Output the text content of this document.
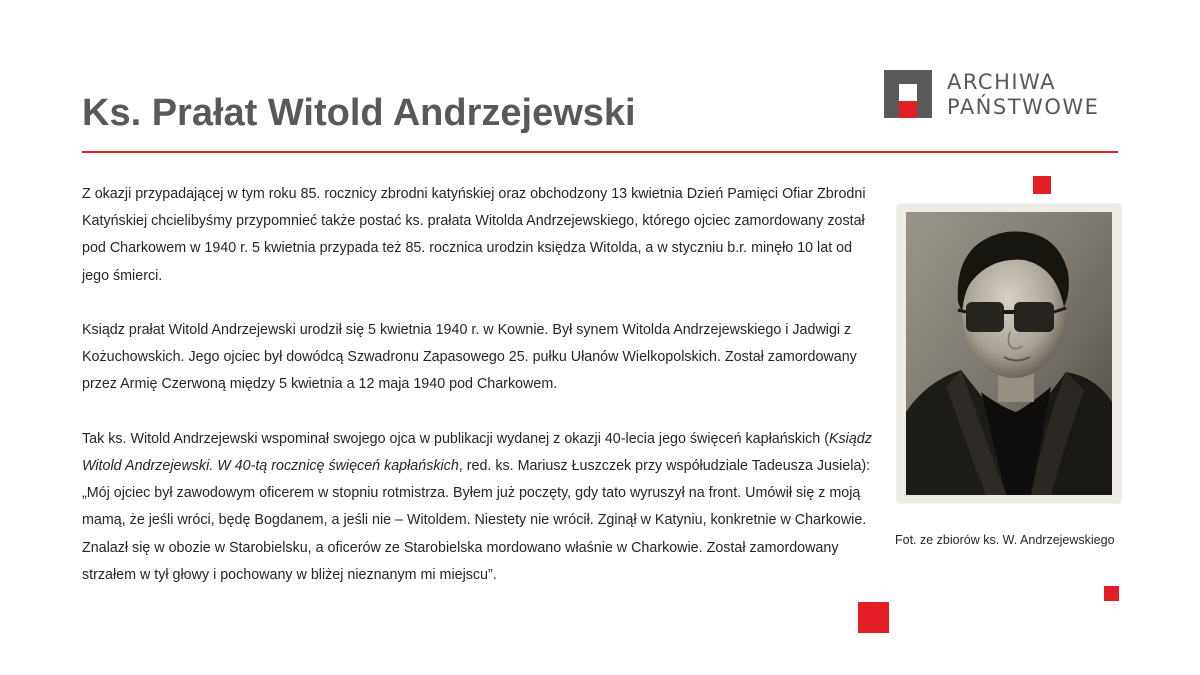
Ks. Prałat Witold Andrzejewski
ARCHIWA
PAŃSTWOWE

Z okazji przypadającej w tym roku 85. rocznicy zbrodni katyńskiej oraz obchodzony 13 kwietnia Dzień Pamięci Ofiar Zbrodni Katyńskiej chcielibyśmy przypomnieć także postać ks. prałata Witolda Andrzejewskiego, którego ojciec zamordowany został pod Charkowem w 1940 r. 5 kwietnia przypada też 85. rocznica urodzin księdza Witolda, a w styczniu b.r. minęło 10 lat od jego śmierci.

Ksiądz prałat Witold Andrzejewski urodził się 5 kwietnia 1940 r. w Kownie. Był synem Witolda Andrzejewskiego i Jadwigi z Kożuchowskich. Jego ojciec był dowódcą Szwadronu Zapasowego 25. pułku Ułanów Wielkopolskich. Został zamordowany przez Armię Czerwoną między 5 kwietnia a 12 maja 1940 pod Charkowem.

Tak ks. Witold Andrzejewski wspominał swojego ojca w publikacji wydanej z okazji 40-lecia jego święceń kapłańskich (Ksiądz Witold Andrzejewski. W 40-tą rocznicę święceń kapłańskich, red. ks. Mariusz Łuszczek przy współudziale Tadeusza Jusiela): „Mój ojciec był zawodowym oficerem w stopniu rotmistrza. Byłem już poczęty, gdy tato wyruszył na front. Umówił się z moją mamą, że jeśli wróci, będę Bogdanem, a jeśli nie – Witoldem. Niestety nie wrócił. Zginął w Katyniu, konkretnie w Charkowie. Znalazł się w obozie w Starobielsku, a oficerów ze Starobielska mordowano właśnie w Charkowie. Został zamordowany strzałem w tył głowy i pochowany w bliżej nieznanym mi miejscu”.

Fot. ze zbiorów ks. W. Andrzejewskiego
